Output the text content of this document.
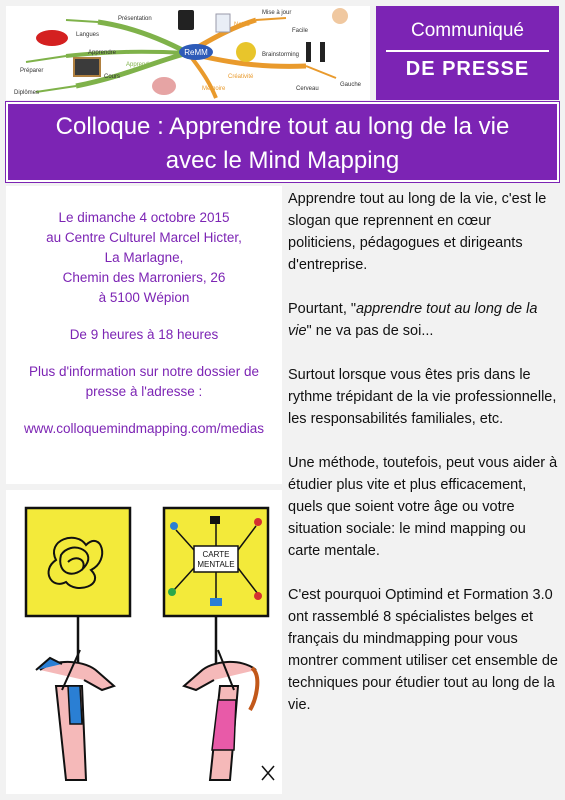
ReMM
Présentation
Langues
Apprendre
Préparer
Cours
Diplômes
Apprendre
Notes
Mise à jour
Facile
Créativité
Brainstorming
Cerveau
Gauche
Mémoire
Communiqué
DE PRESSE
Colloque : Apprendre tout au long de la vie
avec le Mind Mapping
Le dimanche 4 octobre 2015
au Centre Culturel Marcel Hicter,
La Marlagne,
Chemin des Marroniers, 26
à 5100 Wépion
De 9 heures à 18 heures
Plus d'information sur notre dossier de
presse à l'adresse :
www.colloquemindmapping.com/medias
CARTE
MENTALE

Apprendre tout au long de la vie, c'est le slogan que reprennent en cœur politiciens, pédagogues et dirigeants d'entreprise.

Pourtant, "apprendre tout au long de la vie" ne va pas de soi...

Surtout lorsque vous êtes pris dans le rythme trépidant de la vie professionnelle, les responsabilités familiales, etc.

Une méthode, toutefois, peut vous aider à étudier plus vite et plus efficacement, quels que soient votre âge ou votre situation sociale: le mind mapping ou carte mentale.

C'est pourquoi Optimind et Formation 3.0 ont rassemblé 8 spécialistes belges et français du mindmapping pour vous montrer comment utiliser cet ensemble de techniques pour étudier tout au long de la vie.
